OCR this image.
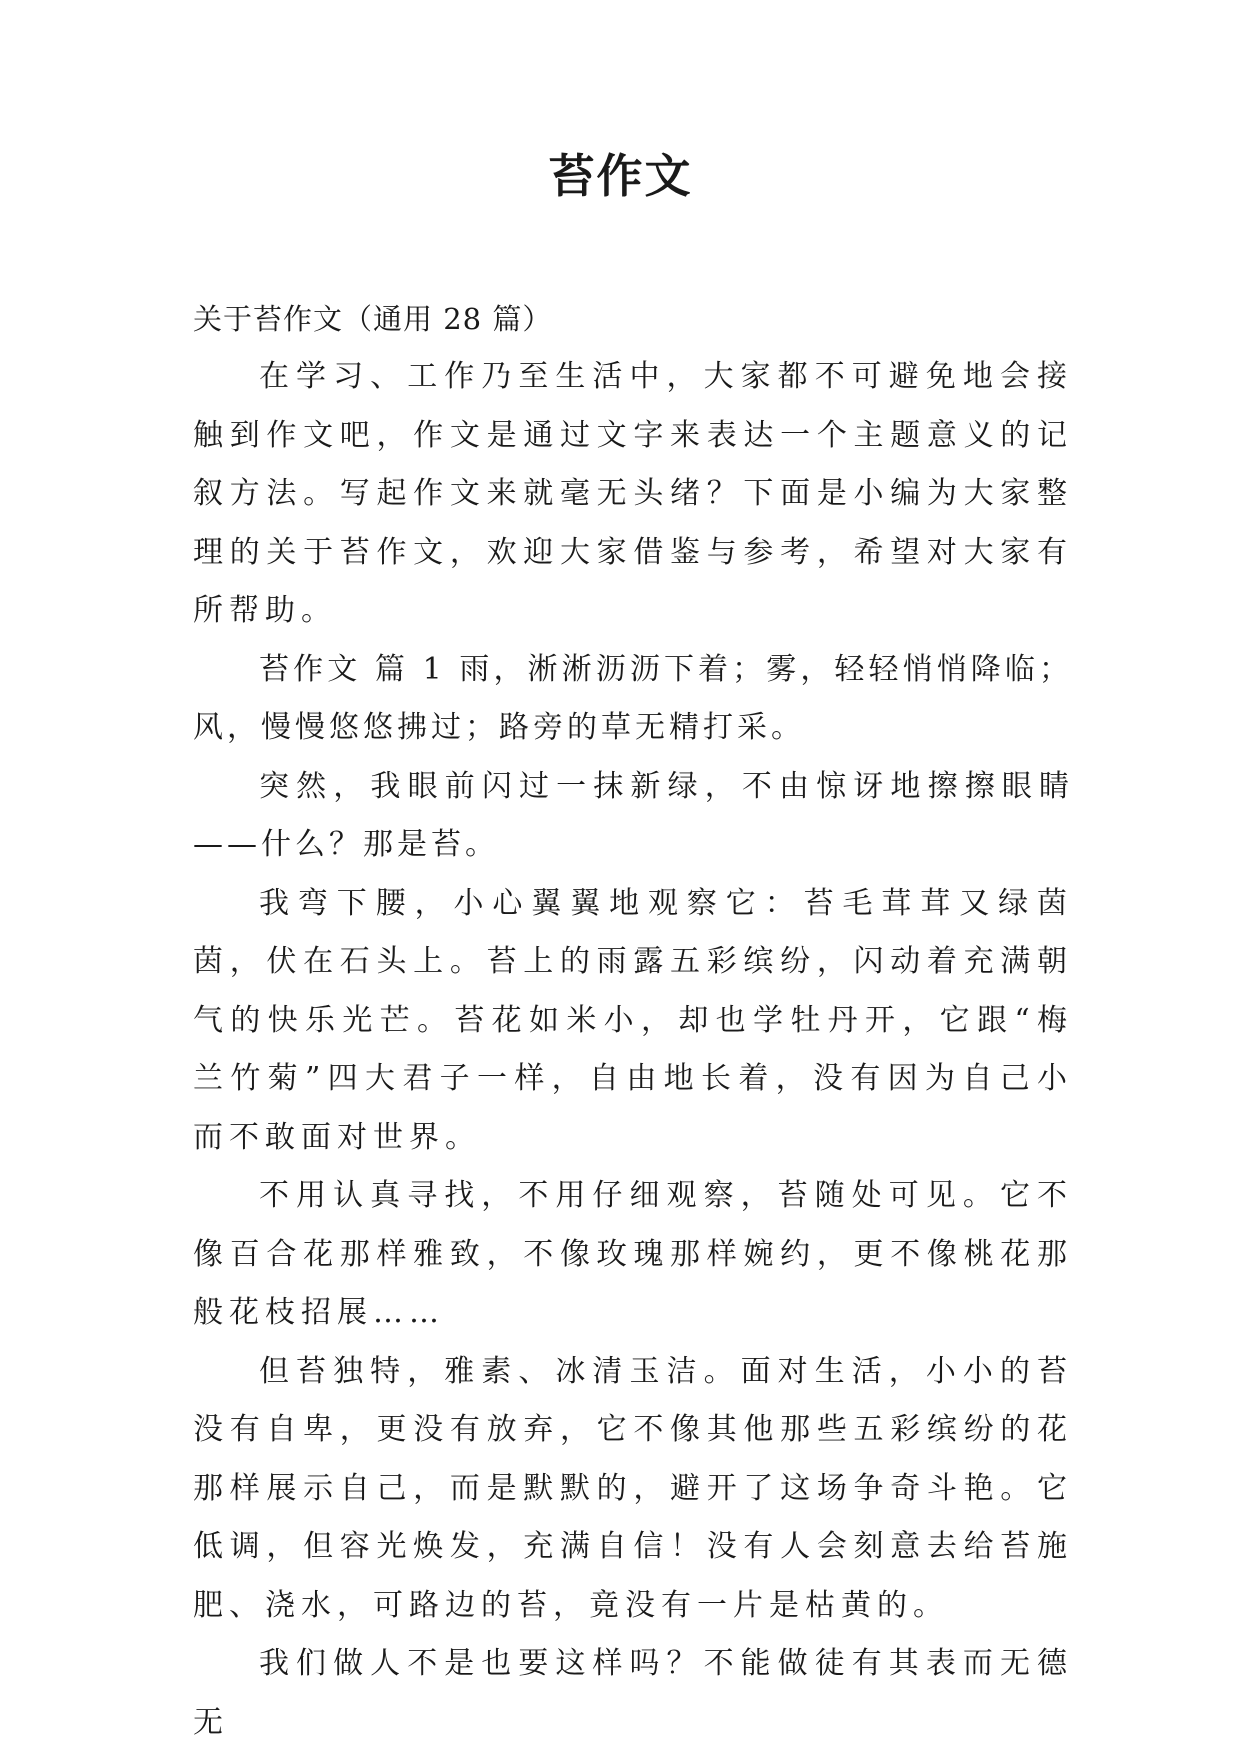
苔作文

关于苔作文（通用 28 篇）

在学习、工作乃至生活中，大家都不可避免地会接触到作文吧，作文是通过文字来表达一个主题意义的记叙方法。写起作文来就毫无头绪？下面是小编为大家整理的关于苔作文，欢迎大家借鉴与参考，希望对大家有所帮助。

苔作文 篇 1 雨，淅淅沥沥下着；雾，轻轻悄悄降临；风，慢慢悠悠拂过；路旁的草无精打采。

突然，我眼前闪过一抹新绿，不由惊讶地擦擦眼睛——什么？那是苔。

我弯下腰，小心翼翼地观察它：苔毛茸茸又绿茵茵，伏在石头上。苔上的雨露五彩缤纷，闪动着充满朝气的快乐光芒。苔花如米小，却也学牡丹开，它跟“梅兰竹菊”四大君子一样，自由地长着，没有因为自己小而不敢面对世界。

不用认真寻找，不用仔细观察，苔随处可见。它不像百合花那样雅致，不像玫瑰那样婉约，更不像桃花那般花枝招展……

但苔独特，雅素、冰清玉洁。面对生活，小小的苔没有自卑，更没有放弃，它不像其他那些五彩缤纷的花那样展示自己，而是默默的，避开了这场争奇斗艳。它低调，但容光焕发，充满自信！没有人会刻意去给苔施肥、浇水，可路边的苔，竟没有一片是枯黄的。

我们做人不是也要这样吗？不能做徒有其表而无德无
